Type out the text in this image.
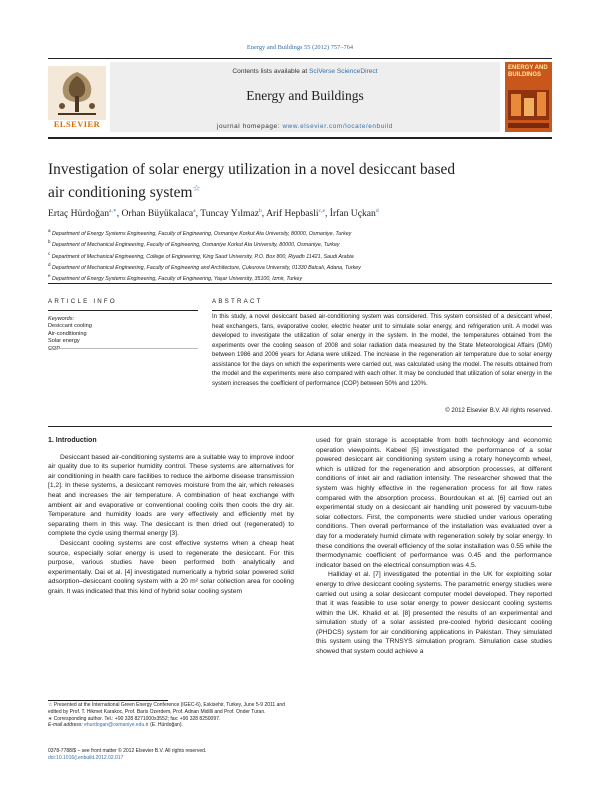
Energy and Buildings 55 (2012) 757–764
ELSEVIER
Contents lists available at SciVerse ScienceDirect
Energy and Buildings
journal homepage: www.elsevier.com/locate/enbuild
ENERGY AND BUILDINGS
Investigation of solar energy utilization in a novel desiccant based air conditioning system☆
Ertaç Hürdoğan$^{a,∗}$, Orhan Büyükalaca$^a$, Tuncay Yılmaz$^b$, Arif Hepbasli$^{c,e}$, İrfan Uçkan$^d$
$^a$ Department of Energy Systems Engineering, Faculty of Engineering, Osmaniye Korkut Ata University, 80000, Osmaniye, Turkey
$^b$ Department of Mechanical Engineering, Faculty of Engineering, Osmaniye Korkut Ata University, 80000, Osmaniye, Turkey
$^c$ Department of Mechanical Engineering, College of Engineering, King Saud University, P.O. Box 800, Riyadh 11421, Saudi Arabia
$^d$ Department of Mechanical Engineering, Faculty of Engineering and Architecture, Çukurova University, 01330 Balcalı, Adana, Turkey
$^e$ Department of Energy Systems Engineering, Faculty of Engineering, Yaşar University, 35100, Izmir, Turkey
ARTICLE INFO	ABSTRACT
Keywords:
Desiccant cooling
Air-conditioning
Solar energy
COP
In this study, a novel desiccant based air-conditioning system was considered. This system consisted of a desiccant wheel, heat exchangers, fans, evaporative cooler, electric heater unit to simulate solar energy, and refrigeration unit. A model was developed to investigate the utilization of solar energy in the system. In the model, the temperatures obtained from the experiments over the cooling season of 2008 and solar radiation data measured by the State Meteorological Affairs (DMI) between 1986 and 2006 years for Adana were utilized. The increase in the regeneration air temperature due to solar energy assistance for the days on which the experiments were carried out, was calculated using the model. The results obtained from the model and the experiments were also compared with each other. It may be concluded that utilization of solar energy in the system increases the coefficient of performance (COP) between 50% and 120%.
© 2012 Elsevier B.V. All rights reserved.
1. Introduction

Desiccant based air-conditioning systems are a suitable way to improve indoor air quality due to its superior humidity control. These systems are alternatives for air conditioning in health care facilities to reduce the airborne disease transmission [1,2]. In these systems, a desiccant removes moisture from the air, which releases heat and increases the air temperature. A combination of heat exchange with ambient air and evaporative or conventional cooling coils then cools the dry air. Temperature and humidity loads are very effectively and efficiently met by separating them in this way. The desiccant is then dried out (regenerated) to complete the cycle using thermal energy [3].

Desiccant cooling systems are cost effective systems when a cheap heat source, especially solar energy is used to regenerate the desiccant. For this purpose, various studies have been performed both analytically and experimentally. Dai et al. [4] investigated numerically a hybrid solar powered solid adsorption–desiccant cooling system with a 20 m² solar collection area for cooling grain. It was indicated that this kind of hybrid solar cooling system

used for grain storage is acceptable from both technology and economic operation viewpoints. Kabeel [5] investigated the performance of a solar powered desiccant air conditioning system using a rotary honeycomb wheel, which is utilized for the regeneration and absorption processes, at different conditions of inlet air and radiation intensity. The researcher showed that the system was highly effective in the regeneration process for all flow rates compared with the absorption process. Bourdoukan et al. [6] carried out an experimental study on a desiccant air handling unit powered by vacuum-tube solar collectors. First, the components were studied under various operating conditions. Then overall performance of the installation was evaluated over a day for a moderately humid climate with regeneration solely by solar energy. In these conditions the overall efficiency of the solar installation was 0.55 while the thermodynamic coefficient of performance was 0.45 and the performance indicator based on the electrical consumption was 4.5.

Halliday et al. [7] investigated the potential in the UK for exploiting solar energy to drive desiccant cooling systems. The parametric energy studies were carried out using a solar desiccant computer model developed. They reported that it was feasible to use solar energy to power desiccant cooling systems within the UK. Khalid et al. [8] presented the results of an experimental and simulation study of a solar assisted pre-cooled hybrid desiccant cooling (PHDCS) system for air conditioning applications in Pakistan. They simulated this system using the TRNSYS simulation program. Simulation case studies showed that system could achieve a

☆ Presented at the International Green Energy Conference (IGEC-6), Eskisehir, Turkey, June 5-9 2011 and edited by Prof. T. Hikmet Karakoc, Prof. Baris Ozerdem, Prof. Adnan Midilli and Prof. Onder Turan.
∗ Corresponding author. Tel.: +90 328 8271000x3552; fax: +90 328 8250097.
E-mail address: ehurdogan@osmaniye.edu.tr (E. Hürdoğan).
0378-7788/$ – see front matter © 2012 Elsevier B.V. All rights reserved.
doi:10.1016/j.enbuild.2012.02.017
